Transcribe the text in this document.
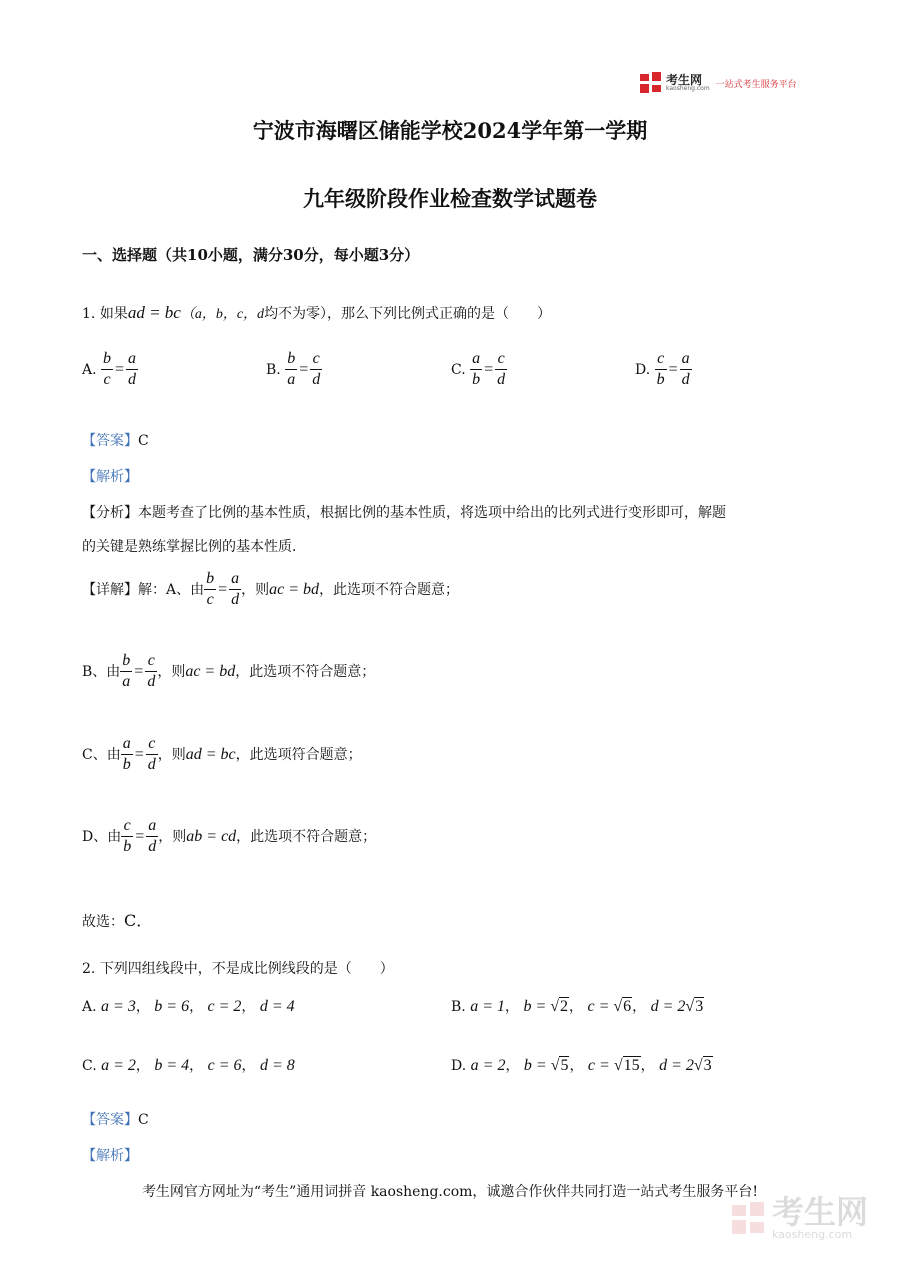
考生网
kaosheng.com 一站式考生服务平台
宁波市海曙区储能学校2024学年第一学期
九年级阶段作业检查数学试题卷
一、选择题（共10小题，满分30分，每小题3分）
1. 如果ad = bc（a，b，c，d均不为零），那么下列比例式正确的是（　　）
A. $\frac{b}{c} = \frac{a}{d}$	B. $\frac{b}{a} = \frac{c}{d}$	C. $\frac{a}{b} = \frac{c}{d}$	D. $\frac{c}{b} = \frac{a}{d}$
【答案】C
【解析】
【分析】本题考查了比例的基本性质，根据比例的基本性质，将选项中给出的比列式进行变形即可，解题
的关键是熟练掌握比例的基本性质．
【详解】解：A、由 $\frac{b}{c} = \frac{a}{d}$ ，则ac = bd，此选项不符合题意；
B、由 $\frac{b}{a} = \frac{c}{d}$ ，则ac = bd，此选项不符合题意；
C、由 $\frac{a}{b} = \frac{c}{d}$ ，则ad = bc，此选项符合题意；
D、由 $\frac{c}{b} = \frac{a}{d}$ ，则ab = cd，此选项不符合题意；
故选：C．
2. 下列四组线段中，不是成比例线段的是（　　）
A. a = 3， b = 6， c = 2， d = 4	B. a = 1， b = √ 2 ， c = √ 6 ， d = 2√ 3
C. a = 2， b = 4， c = 6， d = 8	D. a = 2， b = √ 5 ， c = √ 15 ， d = 2√ 3
【答案】C
【解析】
考生网官方网址为“考生”通用词拼音 kaosheng.com，诚邀合作伙伴共同打造一站式考生服务平台!
考生网
kaosheng.com
